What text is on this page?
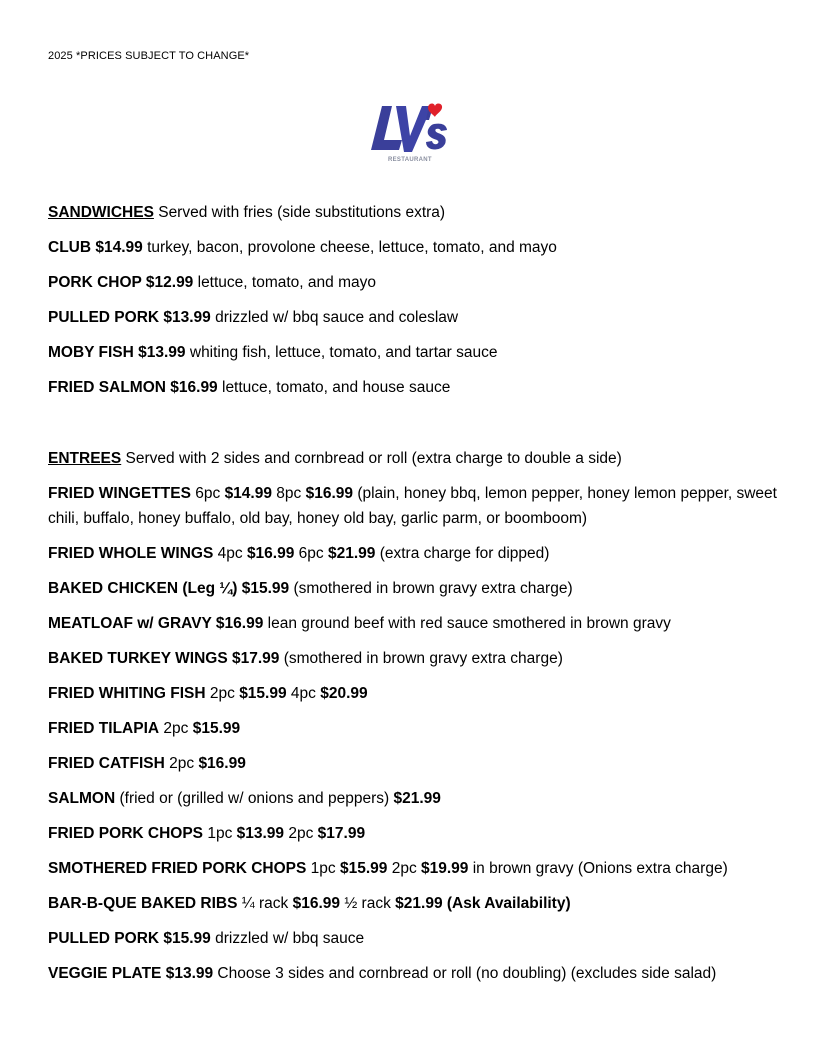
2025 *PRICES SUBJECT TO CHANGE*
RESTAURANT
SANDWICHES Served with fries (side substitutions extra)
CLUB $14.99 turkey, bacon, provolone cheese, lettuce, tomato, and mayo
PORK CHOP $12.99 lettuce, tomato, and mayo
PULLED PORK $13.99 drizzled w/ bbq sauce and coleslaw
MOBY FISH $13.99 whiting fish, lettuce, tomato, and tartar sauce
FRIED SALMON $16.99 lettuce, tomato, and house sauce
ENTREES Served with 2 sides and cornbread or roll (extra charge to double a side)
FRIED WINGETTES 6pc $14.99 8pc $16.99 (plain, honey bbq, lemon pepper, honey lemon pepper, sweet chili, buffalo, honey buffalo, old bay, honey old bay, garlic parm, or boomboom)
FRIED WHOLE WINGS 4pc $16.99 6pc $21.99 (extra charge for dipped)
BAKED CHICKEN (Leg ¼) $15.99 (smothered in brown gravy extra charge)
MEATLOAF w/ GRAVY $16.99 lean ground beef with red sauce smothered in brown gravy
BAKED TURKEY WINGS $17.99 (smothered in brown gravy extra charge)
FRIED WHITING FISH 2pc $15.99 4pc $20.99
FRIED TILAPIA 2pc $15.99
FRIED CATFISH 2pc $16.99
SALMON (fried or (grilled w/ onions and peppers) $21.99
FRIED PORK CHOPS 1pc $13.99 2pc $17.99
SMOTHERED FRIED PORK CHOPS 1pc $15.99 2pc $19.99 in brown gravy (Onions extra charge)
BAR-B-QUE BAKED RIBS ¼ rack $16.99 ½ rack $21.99 (Ask Availability)
PULLED PORK $15.99 drizzled w/ bbq sauce
VEGGIE PLATE $13.99 Choose 3 sides and cornbread or roll (no doubling) (excludes side salad)
